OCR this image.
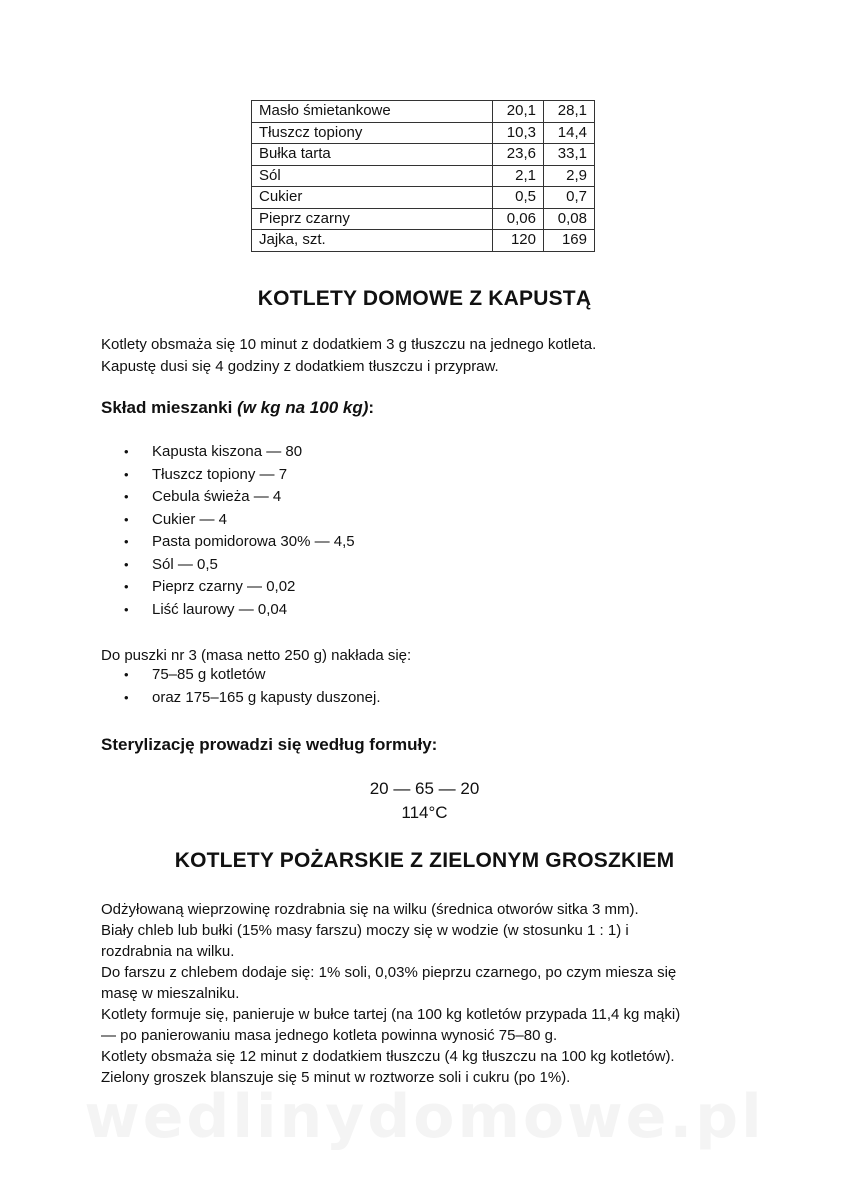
Masło śmietankowe	20,1	28,1
Tłuszcz topiony	10,3	14,4
Bułka tarta	23,6	33,1
Sól	2,1	2,9
Cukier	0,5	0,7
Pieprz czarny	0,06	0,08
Jajka, szt.	120	169
KOTLETY DOMOWE Z KAPUSTĄ

Kotlety obsmaża się 10 minut z dodatkiem 3 g tłuszczu na jednego kotleta.
Kapustę dusi się 4 godziny z dodatkiem tłuszczu i przypraw.

Skład mieszanki (w kg na 100 kg):
• Kapusta kiszona — 80
• Tłuszcz topiony — 7
• Cebula świeża — 4
• Cukier — 4
• Pasta pomidorowa 30% — 4,5
• Sól — 0,5
• Pieprz czarny — 0,02
• Liść laurowy — 0,04

Do puszki nr 3 (masa netto 250 g) nakłada się:

• 75–85 g kotletów
• oraz 175–165 g kapusty duszonej.
Sterylizację prowadzi się według formuły:
20 — 65 — 20
114°C
KOTLETY POŻARSKIE Z ZIELONYM GROSZKIEM

Odżyłowaną wieprzowinę rozdrabnia się na wilku (średnica otworów sitka 3 mm).
Biały chleb lub bułki (15% masy farszu) moczy się w wodzie (w stosunku 1 : 1) i
rozdrabnia na wilku.
Do farszu z chlebem dodaje się: 1% soli, 0,03% pieprzu czarnego, po czym miesza się
masę w mieszalniku.
Kotlety formuje się, panieruje w bułce tartej (na 100 kg kotletów przypada 11,4 kg mąki)
— po panierowaniu masa jednego kotleta powinna wynosić 75–80 g.
Kotlety obsmaża się 12 minut z dodatkiem tłuszczu (4 kg tłuszczu na 100 kg kotletów).
Zielony groszek blanszuje się 5 minut w roztworze soli i cukru (po 1%).

wedlinydomowe.pl
